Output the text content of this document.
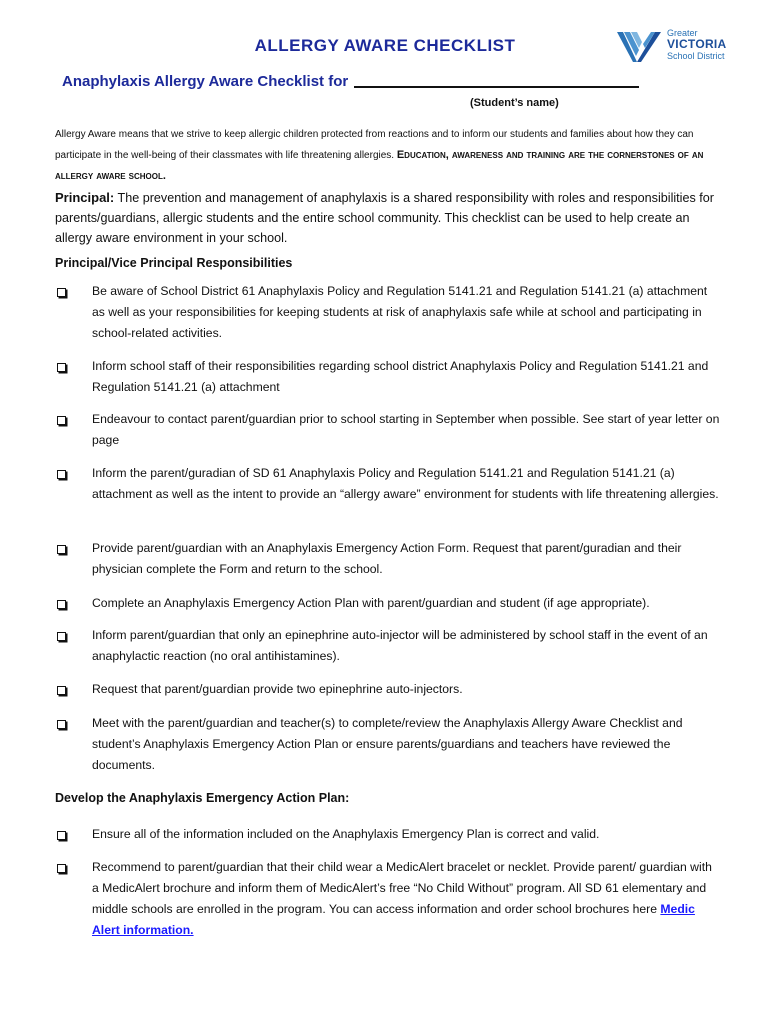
ALLERGY AWARE CHECKLIST
Greater
VICTORIA
School District
Anaphylaxis Allergy Aware Checklist for
(Student’s name)
Allergy Aware means that we strive to keep allergic children protected from reactions and to inform our students and families about how they can participate in the well-being of their classmates with life threatening allergies. Education, awareness and training are the cornerstones of an allergy aware school.
Principal: The prevention and management of anaphylaxis is a shared responsibility with roles and responsibilities for parents/guardians, allergic students and the entire school community. This checklist can be used to help create an allergy aware environment in your school.
Principal/Vice Principal Responsibilities
Be aware of School District 61 Anaphylaxis Policy and Regulation 5141.21 and Regulation 5141.21 (a) attachment as well as your responsibilities for keeping students at risk of anaphylaxis safe while at school and participating in school-related activities.
Inform school staff of their responsibilities regarding school district Anaphylaxis Policy and Regulation 5141.21 and Regulation 5141.21 (a) attachment
Endeavour to contact parent/guardian prior to school starting in September when possible. See start of year letter on page
Inform the parent/guradian of SD 61 Anaphylaxis Policy and Regulation 5141.21 and Regulation 5141.21 (a) attachment as well as the intent to provide an “allergy aware” environment for students with life threatening allergies.
Provide parent/guardian with an Anaphylaxis Emergency Action Form. Request that parent/guradian and their physician complete the Form and return to the school.
Complete an Anaphylaxis Emergency Action Plan with parent/guardian and student (if age appropriate).
Inform parent/guardian that only an epinephrine auto-injector will be administered by school staff in the event of an anaphylactic reaction (no oral antihistamines).
Request that parent/guardian provide two epinephrine auto-injectors.
Meet with the parent/guardian and teacher(s) to complete/review the Anaphylaxis Allergy Aware Checklist and student’s Anaphylaxis Emergency Action Plan or ensure parents/guardians and teachers have reviewed the documents.
Develop the Anaphylaxis Emergency Action Plan:
Ensure all of the information included on the Anaphylaxis Emergency Plan is correct and valid.
Recommend to parent/guardian that their child wear a MedicAlert bracelet or necklet. Provide parent/ guardian with a MedicAlert brochure and inform them of MedicAlert’s free “No Child Without” program. All SD 61 elementary and middle schools are enrolled in the program. You can access information and order school brochures here Medic Alert information.
